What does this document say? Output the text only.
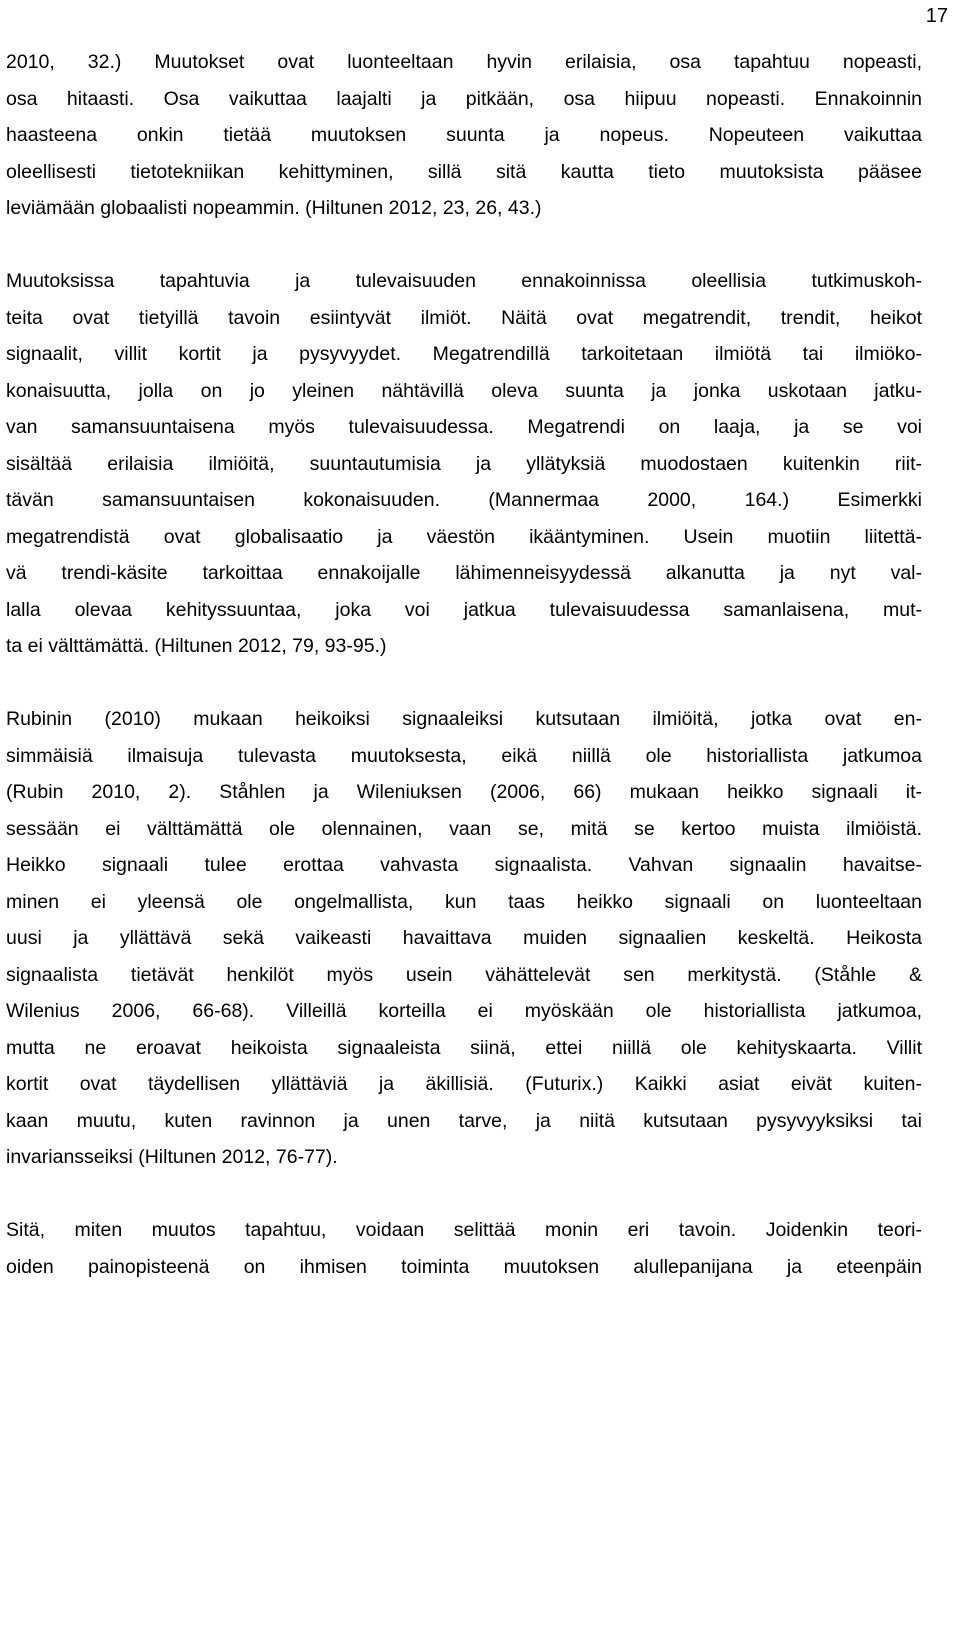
17
2010, 32.) Muutokset ovat luonteeltaan hyvin erilaisia, osa tapahtuu nopeasti,
osa hitaasti. Osa vaikuttaa laajalti ja pitkään, osa hiipuu nopeasti. Ennakoinnin
haasteena onkin tietää muutoksen suunta ja nopeus. Nopeuteen vaikuttaa
oleellisesti tietotekniikan kehittyminen, sillä sitä kautta tieto muutoksista pääsee
leviämään globaalisti nopeammin. (Hiltunen 2012, 23, 26, 43.)
Muutoksissa tapahtuvia ja tulevaisuuden ennakoinnissa oleellisia tutkimuskoh-
teita ovat tietyillä tavoin esiintyvät ilmiöt. Näitä ovat megatrendit, trendit, heikot
signaalit, villit kortit ja pysyvyydet. Megatrendillä tarkoitetaan ilmiötä tai ilmiöko-
konaisuutta, jolla on jo yleinen nähtävillä oleva suunta ja jonka uskotaan jatku-
van samansuuntaisena myös tulevaisuudessa. Megatrendi on laaja, ja se voi
sisältää erilaisia ilmiöitä, suuntautumisia ja yllätyksiä muodostaen kuitenkin riit-
tävän samansuuntaisen kokonaisuuden. (Mannermaa 2000, 164.) Esimerkki
megatrendistä ovat globalisaatio ja väestön ikääntyminen. Usein muotiin liitettä-
vä trendi-käsite tarkoittaa ennakoijalle lähimenneisyydessä alkanutta ja nyt val-
lalla olevaa kehityssuuntaa, joka voi jatkua tulevaisuudessa samanlaisena, mut-
ta ei välttämättä. (Hiltunen 2012, 79, 93-95.)
Rubinin (2010) mukaan heikoiksi signaaleiksi kutsutaan ilmiöitä, jotka ovat en-
simmäisiä ilmaisuja tulevasta muutoksesta, eikä niillä ole historiallista jatkumoa
(Rubin 2010, 2). Ståhlen ja Wileniuksen (2006, 66) mukaan heikko signaali it-
sessään ei välttämättä ole olennainen, vaan se, mitä se kertoo muista ilmiöistä.
Heikko signaali tulee erottaa vahvasta signaalista. Vahvan signaalin havaitse-
minen ei yleensä ole ongelmallista, kun taas heikko signaali on luonteeltaan
uusi ja yllättävä sekä vaikeasti havaittava muiden signaalien keskeltä. Heikosta
signaalista tietävät henkilöt myös usein vähättelevät sen merkitystä. (Ståhle &
Wilenius 2006, 66-68). Villeillä korteilla ei myöskään ole historiallista jatkumoa,
mutta ne eroavat heikoista signaaleista siinä, ettei niillä ole kehityskaarta. Villit
kortit ovat täydellisen yllättäviä ja äkillisiä. (Futurix.) Kaikki asiat eivät kuiten-
kaan muutu, kuten ravinnon ja unen tarve, ja niitä kutsutaan pysyvyyksiksi tai
invariansseiksi (Hiltunen 2012, 76-77).
Sitä, miten muutos tapahtuu, voidaan selittää monin eri tavoin. Joidenkin teori-
oiden painopisteenä on ihmisen toiminta muutoksen alullepanijana ja eteenpäin
